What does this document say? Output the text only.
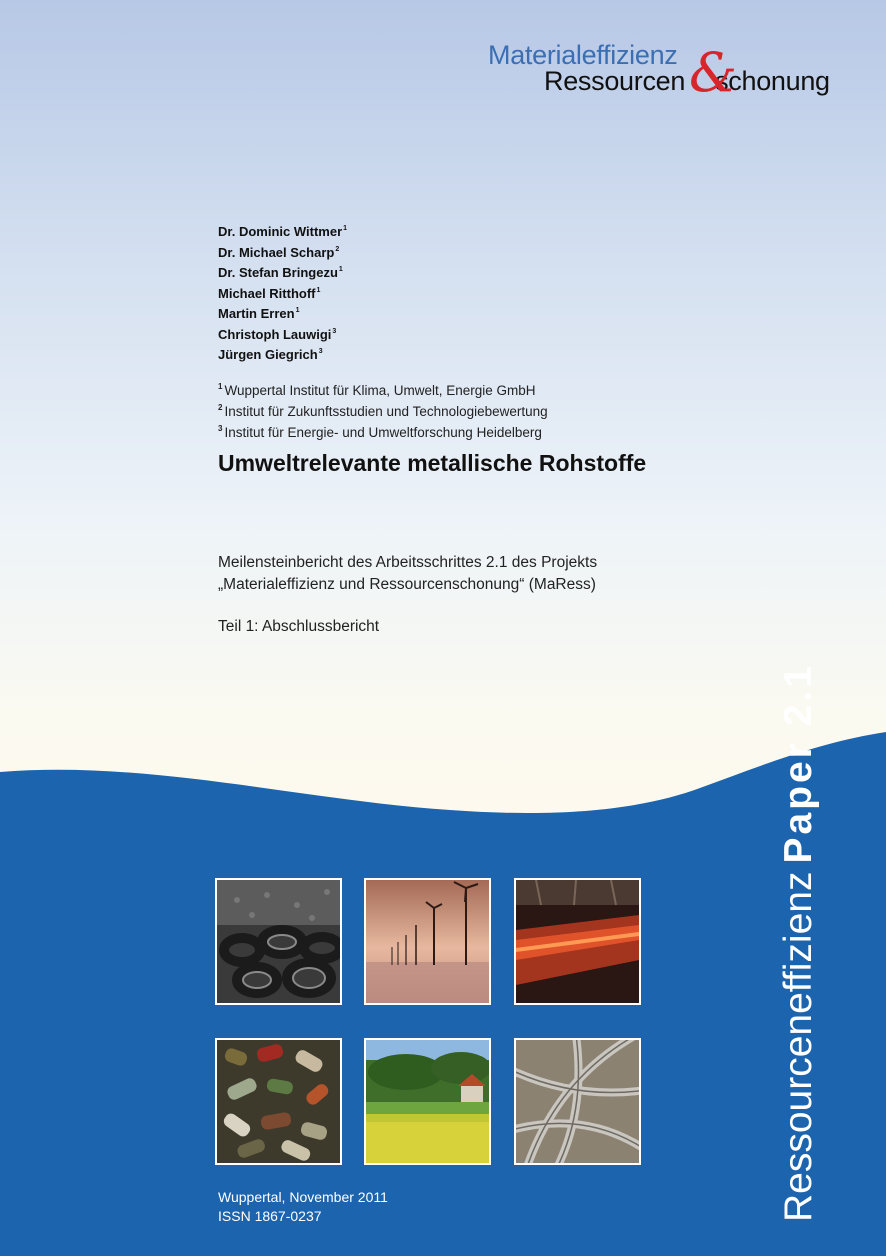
Materialeffizienz
Ressourcen schonung
&
Dr. Dominic Wittmer$^1$
Dr. Michael Scharp$^2$
Dr. Stefan Bringezu$^1$
Michael Ritthoff$^1$
Martin Erren$^1$
Christoph Lauwigi$^3$
Jürgen Giegrich$^3$
$^1$ Wuppertal Institut für Klima, Umwelt, Energie GmbH
$^2$ Institut für Zukunftsstudien und Technologiebewertung
$^3$ Institut für Energie- und Umweltforschung Heidelberg
Umweltrelevante metallische Rohstoffe
Meilensteinbericht des Arbeitsschrittes 2.1 des Projekts
„Materialeffizienz und Ressourcenschonung“ (MaRess)
Teil 1: Abschlussbericht
RessourceneffizienzPaper 2.1
Wuppertal, November 2011
ISSN 1867-0237
